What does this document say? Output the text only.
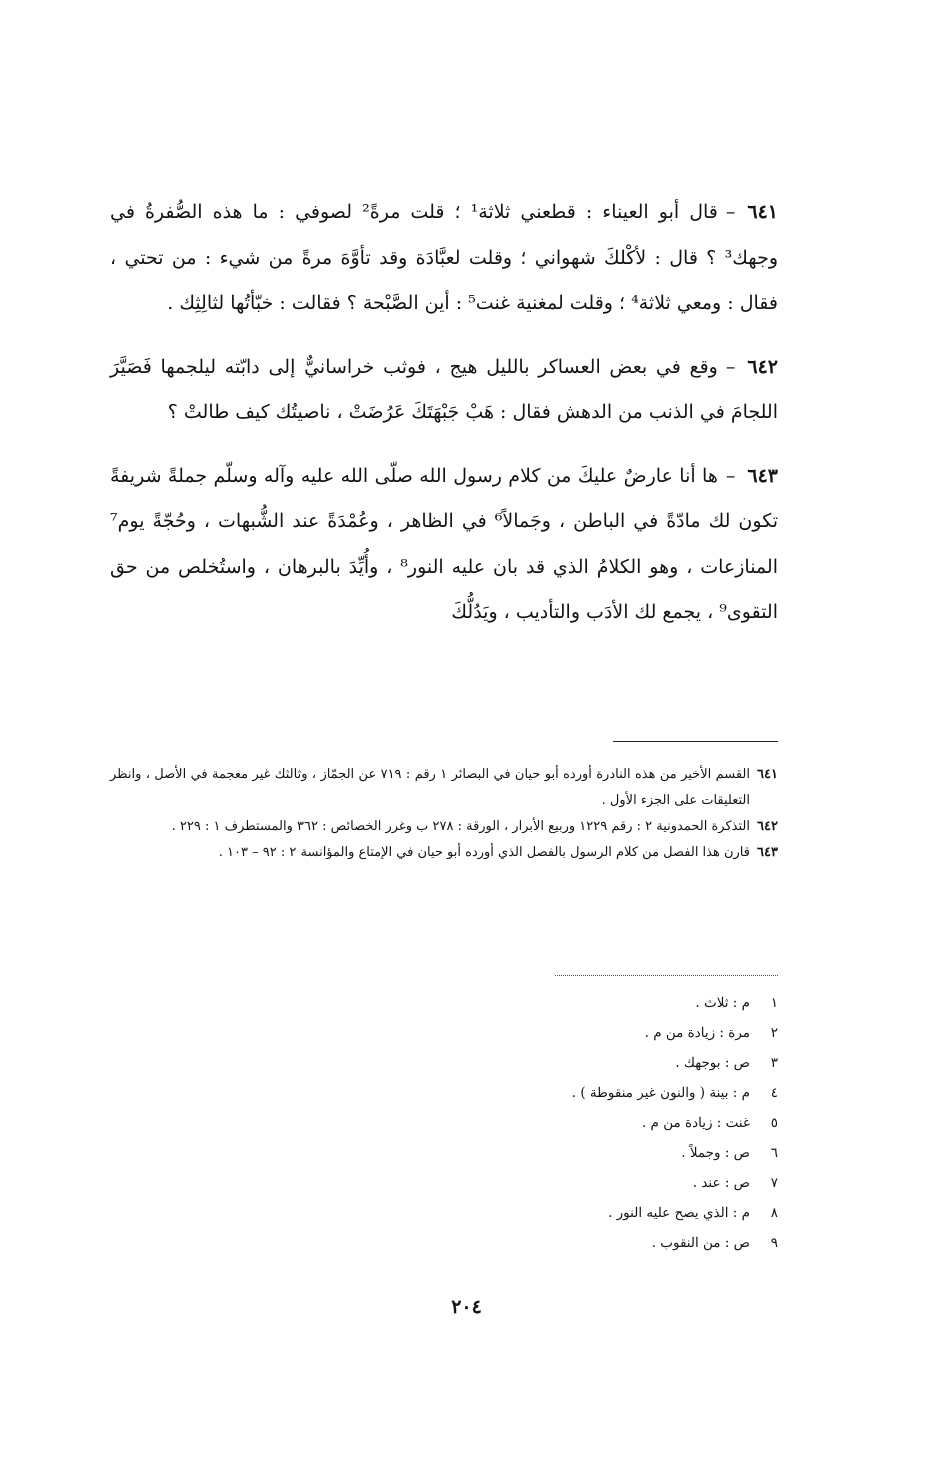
٦٤١–قال أبو العيناء : قطعني ثلاثة¹ ؛ قلت مرةً² لصوفي : ما هذه الصُّفرةُ في وجهك³ ؟ قال : لأكْلكَ شهواني ؛ وقلت لعبَّادَة وقد تأوَّهَ مرةً من شيء : من تحتي ، فقال : ومعي ثلاثة⁴ ؛ وقلت لمغنية غنت⁵ : أين الصَّبْحة ؟ فقالت : خبّأتُها لثالِثِك .

٦٤٢–وقع في بعض العساكر بالليل هيج ، فوثب خراسانيٌّ إلى دابّته ليلجمها فَصَيَّرَ اللجامَ في الذنب من الدهش فقال : هَبْ جَبْهَتَكَ عَرُضَتْ ، ناصيتُك كيف طالتْ ؟

٦٤٣–ها أنا عارضٌ عليكَ من كلام رسول الله صلّى الله عليه وآله وسلّم جملةً شريفةً تكون لك مادّةً في الباطن ، وجَمالاً⁶ في الظاهر ، وعُمْدَةً عند الشُّبهات ، وحُجّةً يوم⁷ المنازعات ، وهو الكلامُ الذي قد بان عليه النور⁸ ، وأُيِّدَ بالبرهان ، واستُخلص من حق التقوى⁹ ، يجمع لك الأدَب والتأديب ، ويَدُلُّكَ

٦٤١
القسم الأخير من هذه النادرة أورده أبو حيان في البصائر ١ رقم : ٧١٩ عن الجمّاز ، وثالثك غير معجمة في الأصل ، وانظر التعليقات على الجزء الأول .
٦٤٢
التذكرة الحمدونية ٢ : رقم ١٢٢٩ وربيع الأبرار ، الورقة : ٢٧٨ ب وغرر الخصائص : ٣٦٢ والمستطرف ١ : ٢٢٩ .
٦٤٣
قارن هذا الفصل من كلام الرسول بالفصل الذي أورده أبو حيان في الإمتاع والمؤانسة ٢ : ٩٢ – ١٠٣ .
١
م : ثلاث .
٢
مرة : زيادة من م .
٣
ص : بوجهك .
٤
م : بينة ( والنون غير منقوطة ) .
٥
غنت : زيادة من م .
٦
ص : وجملاً .
٧
ص : عند .
٨
م : الذي يصح عليه النور .
٩
ص : من النقوب .
٢٠٤
